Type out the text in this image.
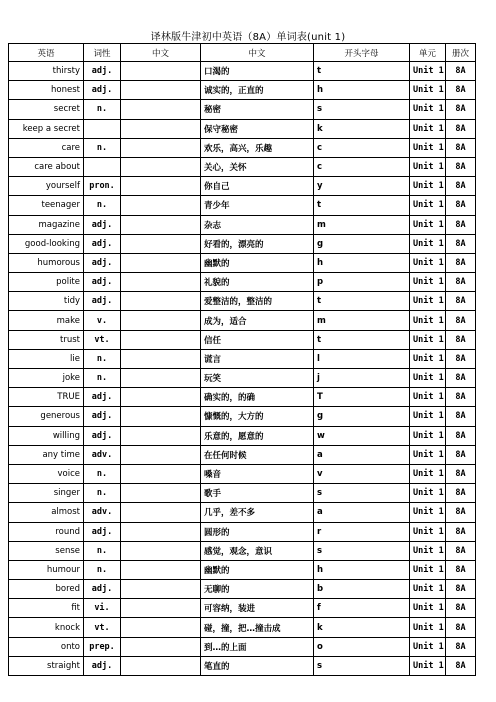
译林版牛津初中英语（8A）单词表(unit 1)
英语	词性	中文	中文	开头字母	单元	册次
thirsty	adj.		口渴的	t	Unit 1	8A
honest	adj.		诚实的，正直的	h	Unit 1	8A
secret	n.		秘密	s	Unit 1	8A
keep a secret			保守秘密	k	Unit 1	8A
care	n.		欢乐，高兴，乐趣	c	Unit 1	8A
care about			关心，关怀	c	Unit 1	8A
yourself	pron.		你自己	y	Unit 1	8A
teenager	n.		青少年	t	Unit 1	8A
magazine	adj.		杂志	m	Unit 1	8A
good-looking	adj.		好看的，漂亮的	g	Unit 1	8A
humorous	adj.		幽默的	h	Unit 1	8A
polite	adj.		礼貌的	p	Unit 1	8A
tidy	adj.		爱整洁的，整洁的	t	Unit 1	8A
make	v.		成为，适合	m	Unit 1	8A
trust	vt.		信任	t	Unit 1	8A
lie	n.		谎言	l	Unit 1	8A
joke	n.		玩笑	j	Unit 1	8A
TRUE	adj.		确实的，的确	T	Unit 1	8A
generous	adj.		慷慨的，大方的	g	Unit 1	8A
willing	adj.		乐意的，愿意的	w	Unit 1	8A
any time	adv.		在任何时候	a	Unit 1	8A
voice	n.		嗓音	v	Unit 1	8A
singer	n.		歌手	s	Unit 1	8A
almost	adv.		几乎，差不多	a	Unit 1	8A
round	adj.		圆形的	r	Unit 1	8A
sense	n.		感觉，观念，意识	s	Unit 1	8A
humour	n.		幽默的	h	Unit 1	8A
bored	adj.		无聊的	b	Unit 1	8A
fit	vi.		可容纳，装进	f	Unit 1	8A
knock	vt.		碰，撞，把…撞击成	k	Unit 1	8A
onto	prep.		到…的上面	o	Unit 1	8A
straight	adj.		笔直的	s	Unit 1	8A
